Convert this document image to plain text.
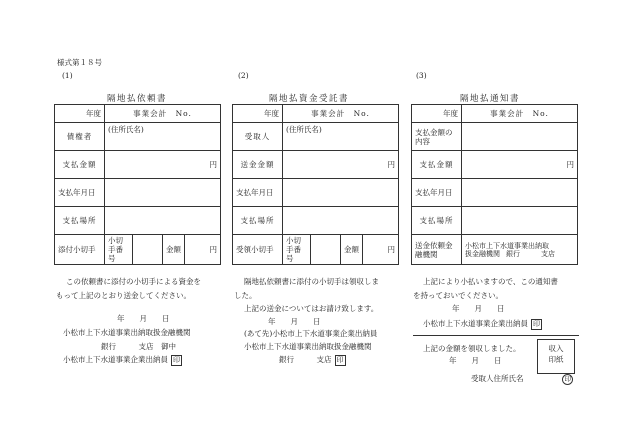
様式第１８号
(1)
隔地払依頼書
年度	事業会計　No.			
債権者	(住所氏名)			
支払金額	円			
支払年月日				
支払場所				
添付小切手	小切手番号		金額	円
この依頼書に添付の小切手による資金を
もって上記のとおり送金してください。
年　　月　　日
小松市上下水道事業出納取扱金融機関
銀行　　　支店　御中
小松市上下水道事業企業出納員 印
(2)
隔地払資金受託書
年度	事業会計　No.			
受取人	(住所氏名)			
送金金額	円			
支払年月日				
支払場所				
受領小切手	小切手番号		金額	円
隔地払依頼書に添付の小切手は領収しま
した。
上記の送金についてはお請け致します。
年　　月　　日
(あて先)小松市上下水道事業企業出納員
小松市上下水道事業出納取扱金融機関
銀行　　　支店 印
(3)
隔地払通知書
年度	事業会計　No.
支払金額の内容	
支払金額	円
支払年月日	
支払場所	
送金依頼金融機関	小松市上下水道事業出納取
扱金融機関 銀行　　　支店
上記により小払いますので、この通知書
を持っておいでください。
年　　月　　日
小松市上下水道事業企業出納員 印
上記の金額を領収しました。
年　　月　　日
収入
印紙
受取人住所氏名	印
